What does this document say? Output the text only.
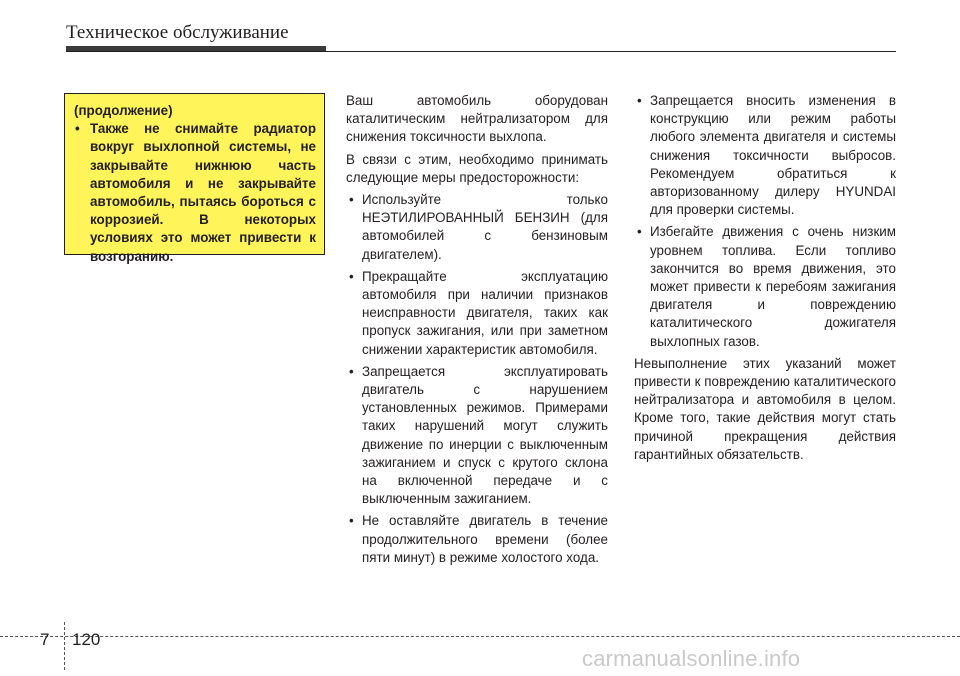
Техническое обслуживание

(продолжение)

• Также не снимайте радиатор вокруг выхлопной системы, не закрывайте нижнюю часть автомобиля и не закрывайте автомобиль, пытаясь бороться с коррозией. В некоторых условиях это может привести к возгоранию.

Ваш автомобиль оборудован каталитическим нейтрализатором для снижения токсичности выхлопа.

В связи с этим, необходимо принимать следующие меры предосторожности:

• Используйте только НЕЭТИЛИРОВАННЫЙ БЕНЗИН (для автомобилей с бензиновым двигателем).
• Прекращайте эксплуатацию автомобиля при наличии признаков неисправности двигателя, таких как пропуск зажигания, или при заметном снижении характеристик автомобиля.
• Запрещается эксплуатировать двигатель с нарушением установленных режимов. Примерами таких нарушений могут служить движение по инерции с выключенным зажиганием и спуск с крутого склона на включенной передаче и с выключенным зажиганием.
• Не оставляйте двигатель в течение продолжительного времени (более пяти минут) в режиме холостого хода.
• Запрещается вносить изменения в конструкцию или режим работы любого элемента двигателя и системы снижения токсичности выбросов. Рекомендуем обратиться к авторизованному дилеру HYUNDAI для проверки системы.
• Избегайте движения с очень низким уровнем топлива. Если топливо закончится во время движения, это может привести к перебоям зажигания двигателя и повреждению каталитического дожигателя выхлопных газов.

Невыполнение этих указаний может привести к повреждению каталитического нейтрализатора и автомобиля в целом. Кроме того, такие действия могут стать причиной прекращения действия гарантийных обязательств.

7 120
carmanualsonline.info
